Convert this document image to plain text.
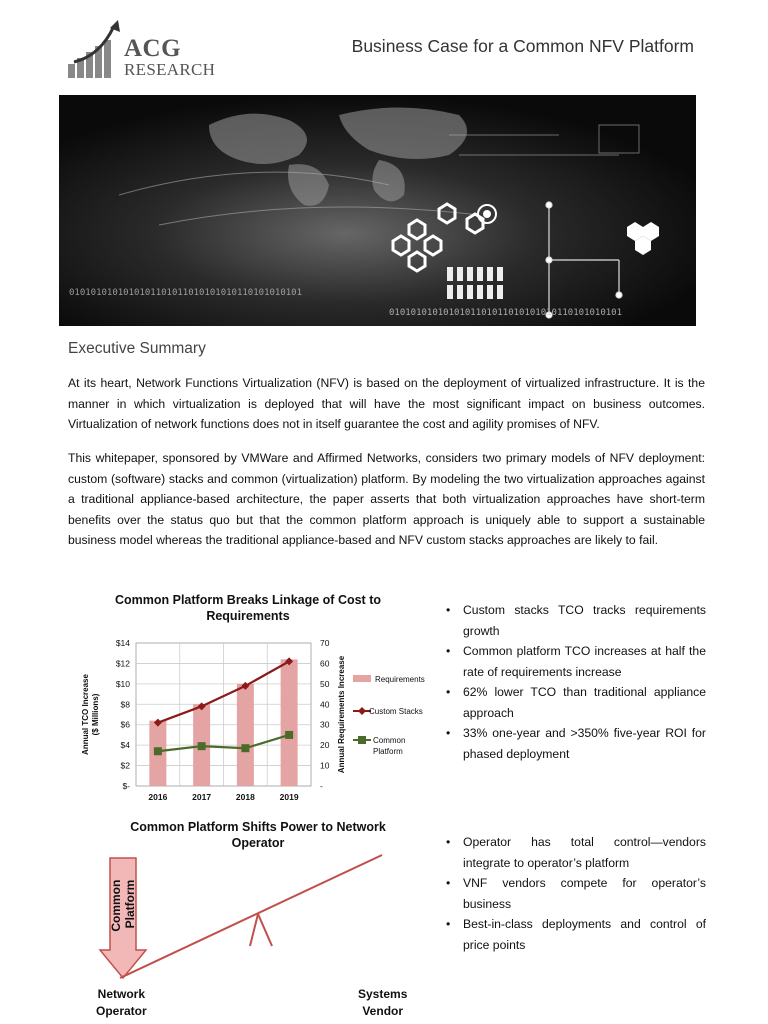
ACG
RESEARCH
Business Case for a Common NFV Platform
0101010101010101101011010101010110101010101
0101010101010101101011010101010110101010101
Executive Summary

At its heart, Network Functions Virtualization (NFV) is based on the deployment of virtualized infrastructure. It is the manner in which virtualization is deployed that will have the most significant impact on business outcomes. Virtualization of network functions does not in itself guarantee the cost and agility promises of NFV.

This whitepaper, sponsored by VMWare and Affirmed Networks, considers two primary models of NFV deployment: custom (software) stacks and common (virtualization) platform. By modeling the two virtualization approaches against a traditional appliance-based architecture, the paper asserts that both virtualization approaches have short-term benefits over the status quo but that the common platform approach is uniquely able to support a sustainable business model whereas the traditional appliance-based and NFV custom stacks approaches are likely to fail.

Common Platform Breaks Linkage of Cost to Requirements
$-
$2
$4
$6
$8
$10
$12
$14
-
10
20
30
40
50
60
70
2016	2017	2018	2019
Annual TCO Increase($ Millions)	Annual Requirements Increase	Requirements
Custom Stacks
Common
Platform
• Custom stacks TCO tracks requirements growth
• Common platform TCO increases at half the rate of requirements increase
• 62% lower TCO than traditional appliance approach
• 33% one-year and >350% five-year ROI for phased deployment
Common Platform Shifts Power to Network Operator
Common Platform
Network
Operator
Systems
Vendor
• Operator has total control—vendors integrate to operator’s platform
• VNF vendors compete for operator’s business
• Best-in-class deployments and control of price points
